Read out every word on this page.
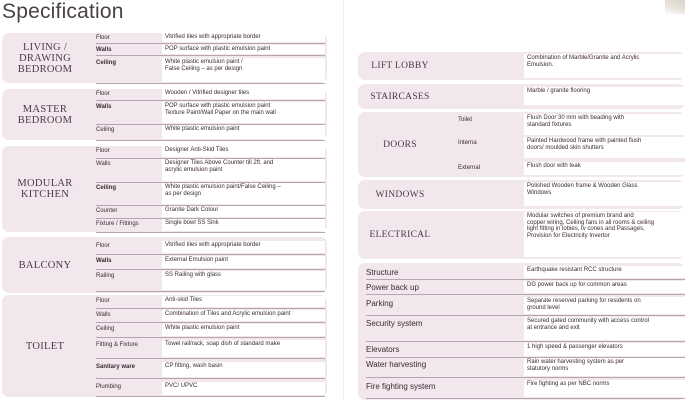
Specification
LIVING /
DRAWING
BEDROOM
Floor	Vitrified tiles with appropriate border
Walls	POP surface with plastic emulsion paint
Ceiling	White plastic emulsion paint /
False Ceiling – as per design
MASTER
BEDROOM
Floor	Wooden / Vitrified designer tiles
Walls	POP surface with plastic emulsion paint
Texture Paint/Wall Paper on the main wall
Ceiling	White plastic emulsion paint
MODULAR
KITCHEN
Floor	Designer Anti-Skid Tiles
Walls	Designer Tiles Above Counter till 2ft. and
acrylic emulsion paint
Ceiling	White plastic emulsion paint/False Ceiling –
as per design
Counter	Granite Dark Colour
Fixture / Fittings	Single bowl SS Sink
BALCONY
Floor	Vitrified tiles with appropriate border
Walls	External Emulsion paint
Railing	SS Railing with glass
TOILET
Floor	Anti-skid Tiles
Walls	Combination of Tiles and Acrylic emulsion paint
Ceiling	White plastic emulsion paint
Fitting & Fixture	Towel rail/rack, soap dish of standard make
Sanitary ware	CP fitting, wash basin
Plumbing	PVC/ UPVC
LIFT LOBBY
Combination of Marble/Granite and Acrylic
Emulsion.
STAIRCASES
Marble / granite flooring
DOORS
Toilet	Flush Door 30 mm with beading with
standard fixtures
Interna	Painted Hardwood frame with painted flush
doors/ moulded skin shutters
External	Flush door with teak
WINDOWS
Polished Wooden frame & Wooden Glass
Windows
ELECTRICAL
Modular switches of premium brand and
copper wiring, Ceiling fans in all rooms & ceiling
light fitting in lobies, tv cones and Passages,
Provision for Electricity Invertor
Structure	Earthquake resistant RCC structure
Power back up	DG power back up for common areas
Parking	Separate reserved parking for residents on
ground level
Security system	Secured gated community with access control
at entrance and exit
Elevators	1 high speed & passenger elevators
Water harvesting	Rain water harvesting system as per
statutory norms
Fire fighting system	Fire fighting as per NBC norms
